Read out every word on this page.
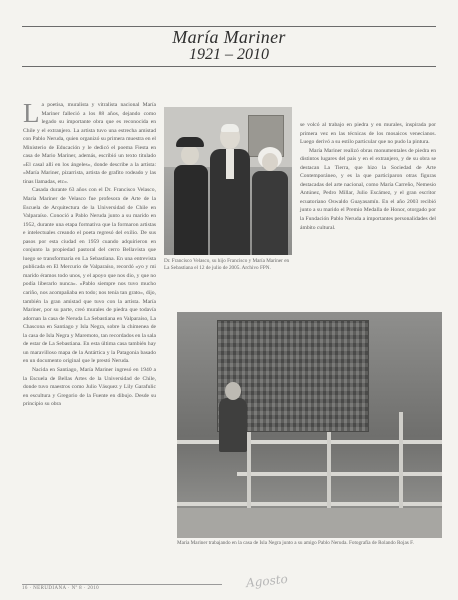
María Mariner
1921 – 2010

La poetisa, muralista y vitralista nacional María Mariner falleció a los 88 años, dejando como legado su importante obra que es reconocida en Chile y el extranjero. La artista tuvo una estrecha amistad con Pablo Neruda, quien organizó su primera muestra en el Ministerio de Educación y le dedicó el poema Fiesta en casa de Mario Mariner, además, escribió un texto titulado «El casal allí en los ángeles», donde describe a la artista: «María Mariner, pizarrista, artista de grafito rodeado y las tinas llamadas, etc».

Casada durante 63 años con el Dr. Francisco Velasco, María Mariner de Velasco fue profesora de Arte de la Escuela de Arquitectura de la Universidad de Chile en Valparaíso. Conoció a Pablo Neruda junto a su marido en 1952, durante una etapa formativa que la formaron artistas e intelectuales creando el poeta regresó del exilio. De sus pasos por esta ciudad en 1959 cuando adquirieron en conjunto la propiedad pastoral del cerro Bellavista que luego se transformaría en La Sebastiana. En una entrevista publicada en El Mercurio de Valparaíso, recordó «yo y mi marido éramos todo unos, y el apoyo que nos dio, y que no podía liberarlo nunca». «Pablo siempre nos tuvo mucho cariño, nos acompañaba en todo; nos tenía tan grato», dijo, también la gran amistad que tuvo con la artista. María Mariner, por su parte, creó murales de piedra que todavía adornan la casa de Neruda La Sebastiana en Valparaíso, La Chascona en Santiago y Isla Negra, sobre la chimenea de la casa de Isla Negra y Maremoto, tan recordados en la sala de estar de La Sebastiana. En esta última casa también hay un maravilloso mapa de la Antártica y la Patagonia basado en un documento original que le prestó Neruda.

Nacida en Santiago, María Mariner ingresó en 1940 a la Escuela de Bellas Artes de la Universidad de Chile, donde tuvo maestros como Julio Vásquez y Lily Garafulic en escultura y Gregorio de la Fuente en dibujo. Desde su principio su obra

Dr. Francisco Velasco, su hijo Francisco y María Mariner en La Sebastiana el 12 de julio de 2005. Archivo FPN.

se volcó al trabajo en piedra y en murales, inspirada por primera vez en las técnicas de los mosaicos venecianos. Luego derivó a su estilo particular que no pudo la pintura.

María Mariner realizó obras monumentales de piedra en distintos lugares del país y en el extranjero, y de su obra se destacan La Tierra, que hizo la Sociedad de Arte Contemporáneo, y es la que participaron otras figuras destacadas del arte nacional, como María Carreño, Nemesio Antúnez, Pedro Millar, Julio Escámez, y el gran escritor ecuatoriano Oswaldo Guayasamín. En el año 2003 recibió junto a su marido el Premio Medalla de Honor, otorgado por la Fundación Pablo Neruda a importantes personalidades del ámbito cultural.

María Mariner trabajando en la casa de Isla Negra junto a su amigo Pablo Neruda. Fotografía de Rolando Rojas F.
16 · NERUDIANA · Nº 8 · 2010	Agosto
